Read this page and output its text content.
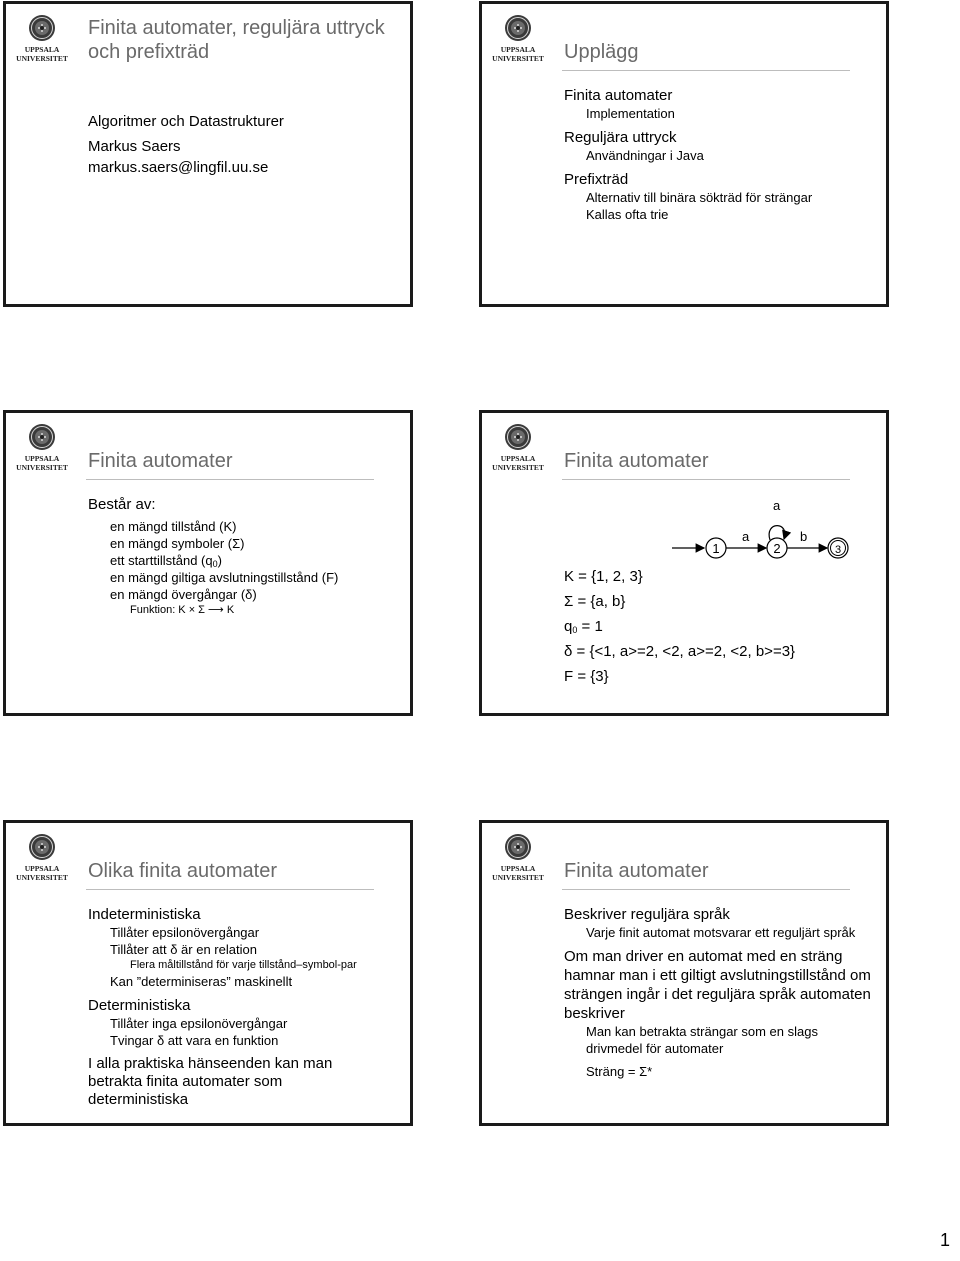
UPPSALA
UNIVERSITET
Finita automater, reguljära uttryck och prefixträd
Algoritmer och Datastrukturer
Markus Saers
markus.saers@lingfil.uu.se
UPPSALA
UNIVERSITET Upplägg
Finita automater
Implementation
Reguljära uttryck
Användningar i Java
Prefixträd
Alternativ till binära sökträd för strängar
Kallas ofta trie
UPPSALA
UNIVERSITET Finita automater
Består av:
en mängd tillstånd (K)
en mängd symboler (Σ)
ett starttillstånd $(q_0)$
en mängd giltiga avslutningstillstånd (F)
en mängd övergångar (δ)
Funktion: K × Σ ⟶ K
UPPSALA
UNIVERSITET Finita automater
1
a
2
a
b
3
K = {1, 2, 3}
Σ = {a, b}
$q_0 = 1$
δ = {<1, a>=2, <2, a>=2, <2, b>=3}
F = {3}
UPPSALA
UNIVERSITET Olika finita automater
Indeterministiska
Tillåter epsilonövergångar
Tillåter att δ är en relation
Flera måltillstånd för varje tillstånd–symbol-par
Kan ”determiniseras” maskinellt
Deterministiska
Tillåter inga epsilonövergångar
Tvingar δ att vara en funktion
I alla praktiska hänseenden kan man betrakta finita automater som deterministiska
UPPSALA
UNIVERSITET Finita automater
Beskriver reguljära språk
Varje finit automat motsvarar ett reguljärt språk
Om man driver en automat med en sträng hamnar man i ett giltigt avslutningstillstånd om strängen ingår i det reguljära språk automaten beskriver
Man kan betrakta strängar som en slags drivmedel för automater
Sträng = Σ*
1
